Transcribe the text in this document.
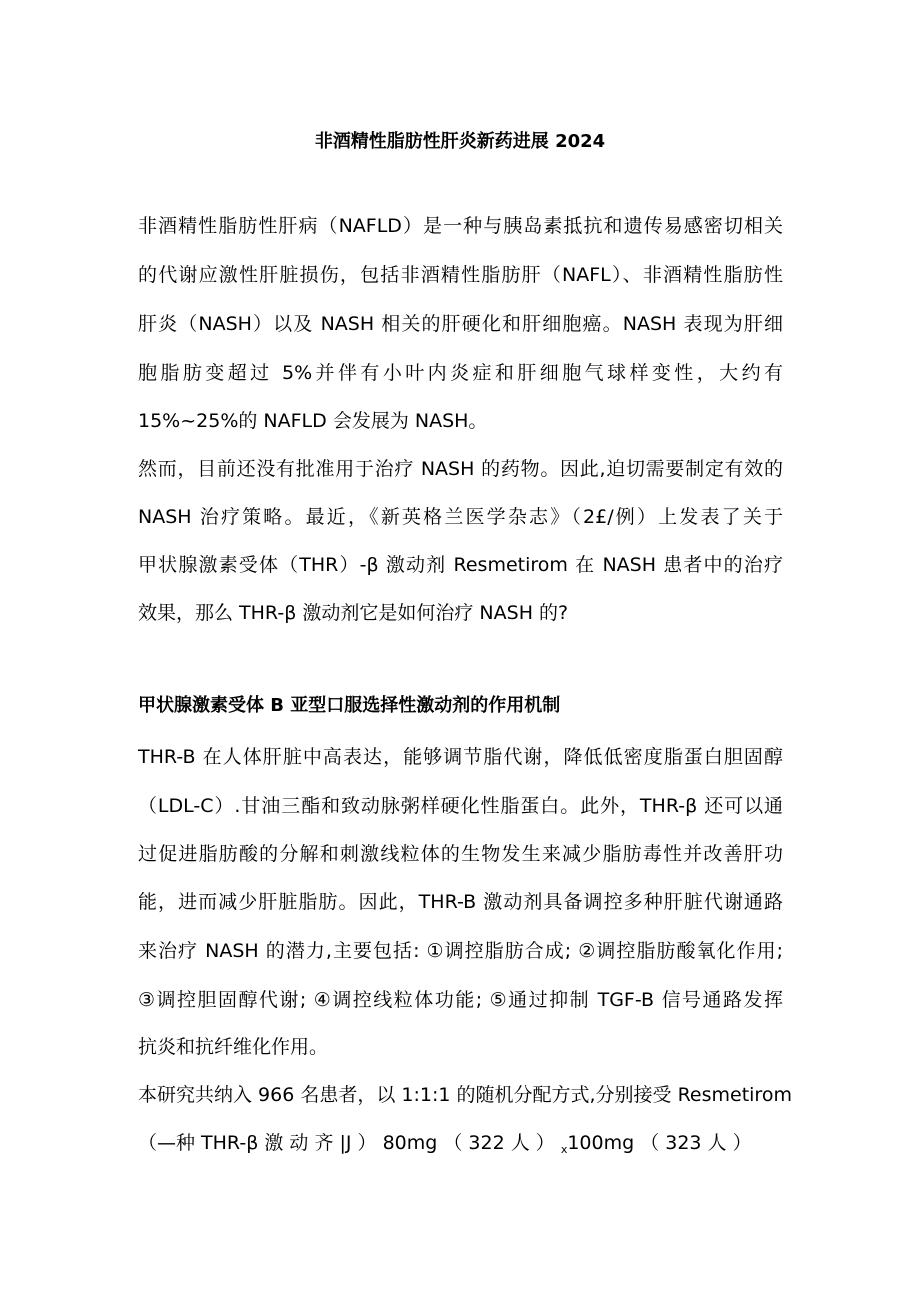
非酒精性脂肪性肝炎新药进展 2024

非酒精性脂肪性肝病（NAFLD）是一种与胰岛素抵抗和遗传易感密切相关

的代谢应激性肝脏损伤，包括非酒精性脂肪肝（NAFL）、非酒精性脂肪性

肝炎（NASH）以及 NASH 相关的肝硬化和肝细胞癌。NASH 表现为肝细

胞脂肪变超过 5%并伴有小叶内炎症和肝细胞气球样变性，大约有

15%~25%的 NAFLD 会发展为 NASH。

然而，目前还没有批准用于治疗 NASH 的药物。因此,迫切需要制定有效的

NASH 治疗策略。最近，《新英格兰医学杂志》（2£/例）上发表了关于

甲状腺激素受体（THR）-β 激动剂 Resmetirom 在 NASH 患者中的治疗

效果，那么 THR-β 激动剂它是如何治疗 NASH 的?

甲状腺激素受体 B 亚型口服选择性激动剂的作用机制

THR-B 在人体肝脏中高表达，能够调节脂代谢，降低低密度脂蛋白胆固醇

（LDL-C）.甘油三酯和致动脉粥样硬化性脂蛋白。此外，THR-β 还可以通

过促进脂肪酸的分解和刺激线粒体的生物发生来减少脂肪毒性并改善肝功

能，进而减少肝脏脂肪。因此，THR-B 激动剂具备调控多种肝脏代谢通路

来治疗 NASH 的潜力,主要包括: ①调控脂肪合成; ②调控脂肪酸氧化作用;

③调控胆固醇代谢; ④调控线粒体功能; ⑤通过抑制 TGF-B 信号通路发挥

抗炎和抗纤维化作用。

本研究共纳入 966 名患者，以 1:1:1 的随机分配方式,分别接受 Resmetirom

（—种 THR-β 激 动 齐 |J ） 80mg （ 322 人 ） $_x$100mg （ 323 人 ）
